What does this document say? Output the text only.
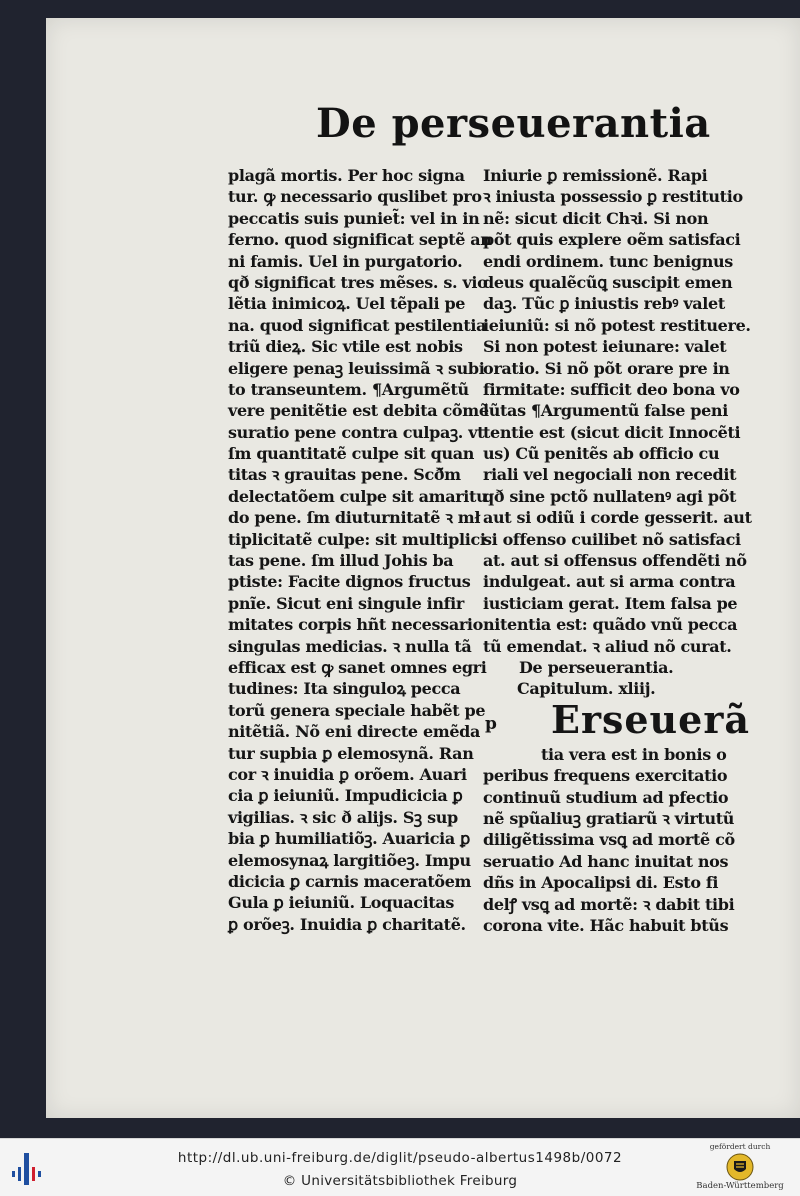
De perseuerantia
plagã mortis. Per hoc signa
tur. ꝙ necessario quslibet pro
peccatis suis puniet̃: vel in in
ferno. quod significat septẽ an
ni famis. Uel in purgatorio.
qð significat tres mẽses. s. vio
lẽtia inimicoꝝ. Uel tẽpali pe
na. quod significat pestilentia
triũ dieꝝ. Sic vtile est nobis
eligere penaꝫ leuissimã ꝛ subi
to transeuntem. ¶Argumẽtũ
vere penitẽtie est debita cõmẽ
suratio pene contra culpaꝫ. vt
ſm quantitatẽ culpe sit quan
titas ꝛ grauitas pene. Scð̃m
delectatõem culpe sit amaritu
do pene. ſm diuturnitatẽ ꝛ mł
tiplicitatẽ culpe: sit multiplici
tas pene. ſm illud Johis ba
ptiste: Facite dignos fructus
pnĩe. Sicut eni singule infir
mitates corpis hñt necessario
singulas medicias. ꝛ nulla tã
efficax est ꝙ sanet omnes egri
tudines: Ita singuloꝝ pecca
torũ genera speciale habẽt pe
nitẽtiã. Nõ eni directe emẽda
tur supbia ꝑ elemosynã. Ran
cor ꝛ inuidia ꝑ orõem. Auari
cia ꝑ ieiuniũ. Impudicicia ꝑ
vigilias. ꝛ sic ð alijs. Sꝫ sup
bia ꝑ humiliatiõꝫ. Auaricia ꝑ
elemosynaꝝ largitiõeꝫ. Impu
dicicia ꝑ carnis maceratõem
Gula ꝑ ieiuniũ. Loquacitas
ꝑ orõeꝫ. Inuidia ꝑ charitatẽ.
Iniurie ꝑ remissionẽ. Rapi
ꝛ iniusta possessio ꝑ restitutio
nẽ: sicut dicit Chꝛi. Si non
põt quis explere oẽm satisfaci
endi ordinem. tunc benignus
deus qualẽcũꝗ suscipit emen
daꝫ. Tũc ꝑ iniustis rebꝰ valet
ieiuniũ: si nõ potest restituere.
Si non potest ieiunare: valet
oratio. Si nõ põt orare pre in
firmitate: sufficit deo bona vo
lũtas ¶Argumentũ false peni
tentie est (sicut dicit Innocẽti
us) Cũ penitẽs ab officio cu
riali vel negociali non recedit
qð sine pctõ nullatenꝰ agi põt
aut si odiũ i corde gesserit. aut
si offenso cuilibet nõ satisfaci
at. aut si offensus offendẽti nõ
indulgeat. aut si arma contra
iusticiam gerat. Item falsa pe
nitentia est: quãdo vnũ pecca
tũ emendat. ꝛ aliud nõ curat.
De perseuerantia.
Capitulum. xliij.
p Erseuerã
tia vera est in bonis o
peribus frequens exercitatio
continuũ studium ad pfectio
nẽ spũaliuꝫ gratiarũ ꝛ virtutũ
diligẽtissima vsꝗ ad mortẽ cõ
seruatio Ad hanc inuitat nos
dñs in Apocalipsi di. Esto fi
delꝭ vsꝗ ad mortẽ: ꝛ dabit tibi
corona vite. Hãc habuit btũs
http://dl.ub.uni-freiburg.de/diglit/pseudo-albertus1498b/0072
© Universitätsbibliothek Freiburg
gefördert durch
Baden-Württemberg
